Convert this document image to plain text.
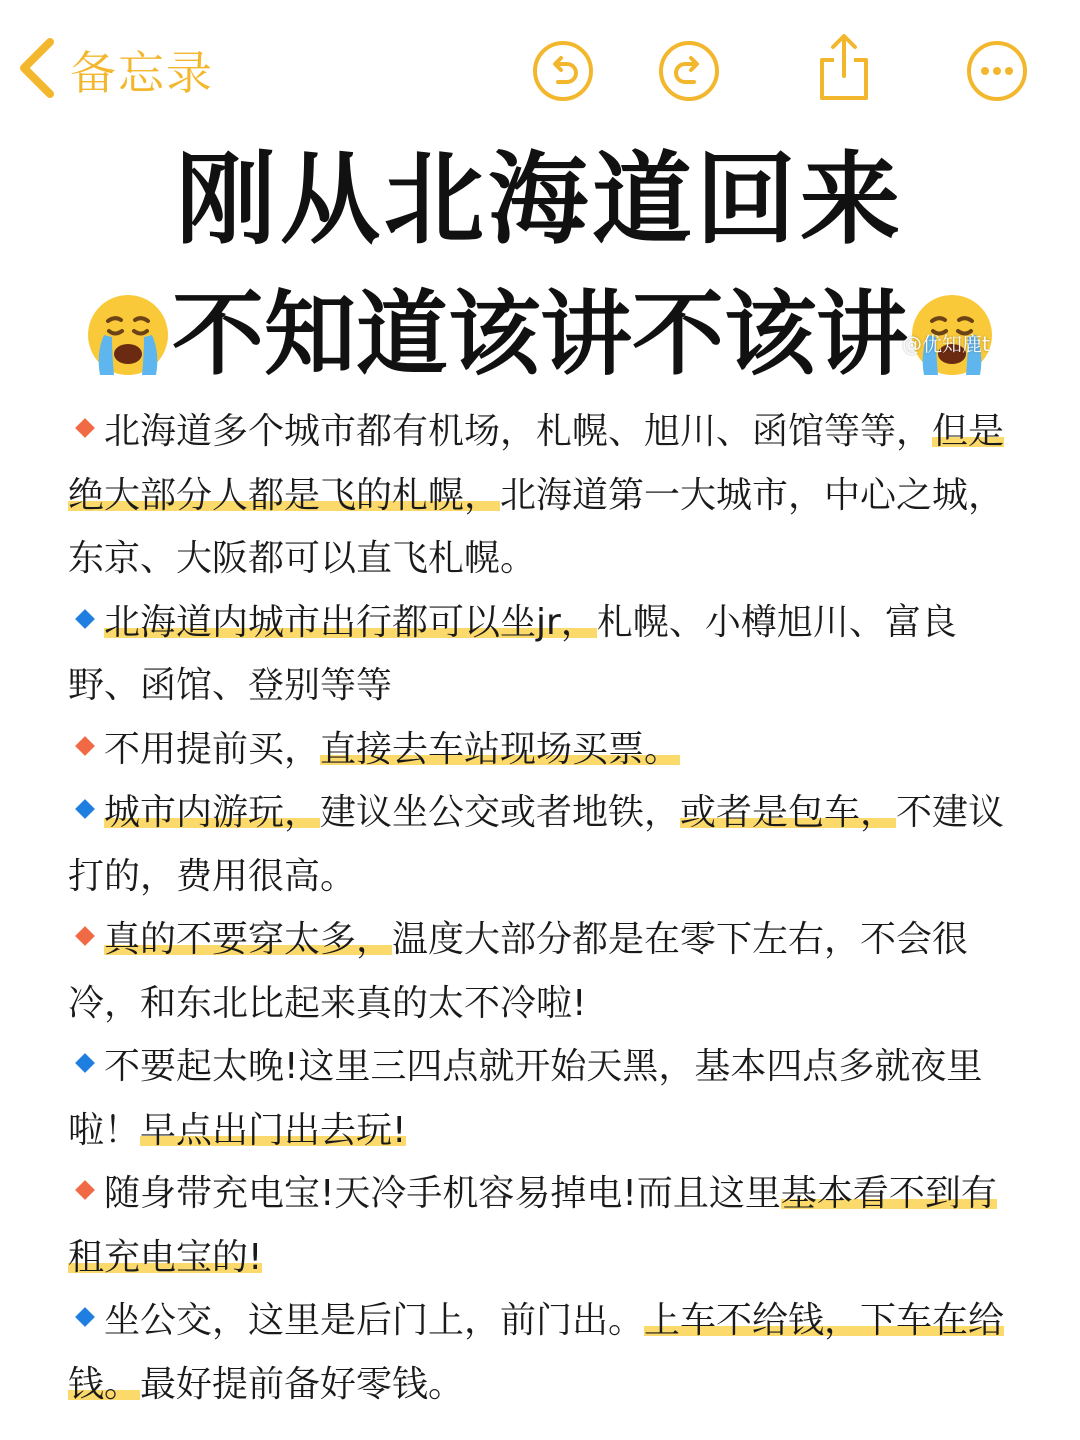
备忘录
刚从北海道回来
不知道该讲不该讲
@优知鹿t

北海道多个城市都有机场，札幌、旭川、函馆等等，但是绝大部分人都是飞的札幌，北海道第一大城市，中心之城，东京、大阪都可以直飞札幌。

北海道内城市出行都可以坐jr，札幌、小樽旭川、富良野、函馆、登别等等

不用提前买，直接去车站现场买票。

城市内游玩，建议坐公交或者地铁，或者是包车，不建议打的，费用很高。

真的不要穿太多，温度大部分都是在零下左右，不会很冷，和东北比起来真的太不冷啦!

不要起太晚!这里三四点就开始天黑，基本四点多就夜里啦！早点出门出去玩!

随身带充电宝!天冷手机容易掉电!而且这里基本看不到有租充电宝的!

坐公交，这里是后门上，前门出。上车不给钱，下车在给钱。最好提前备好零钱。
